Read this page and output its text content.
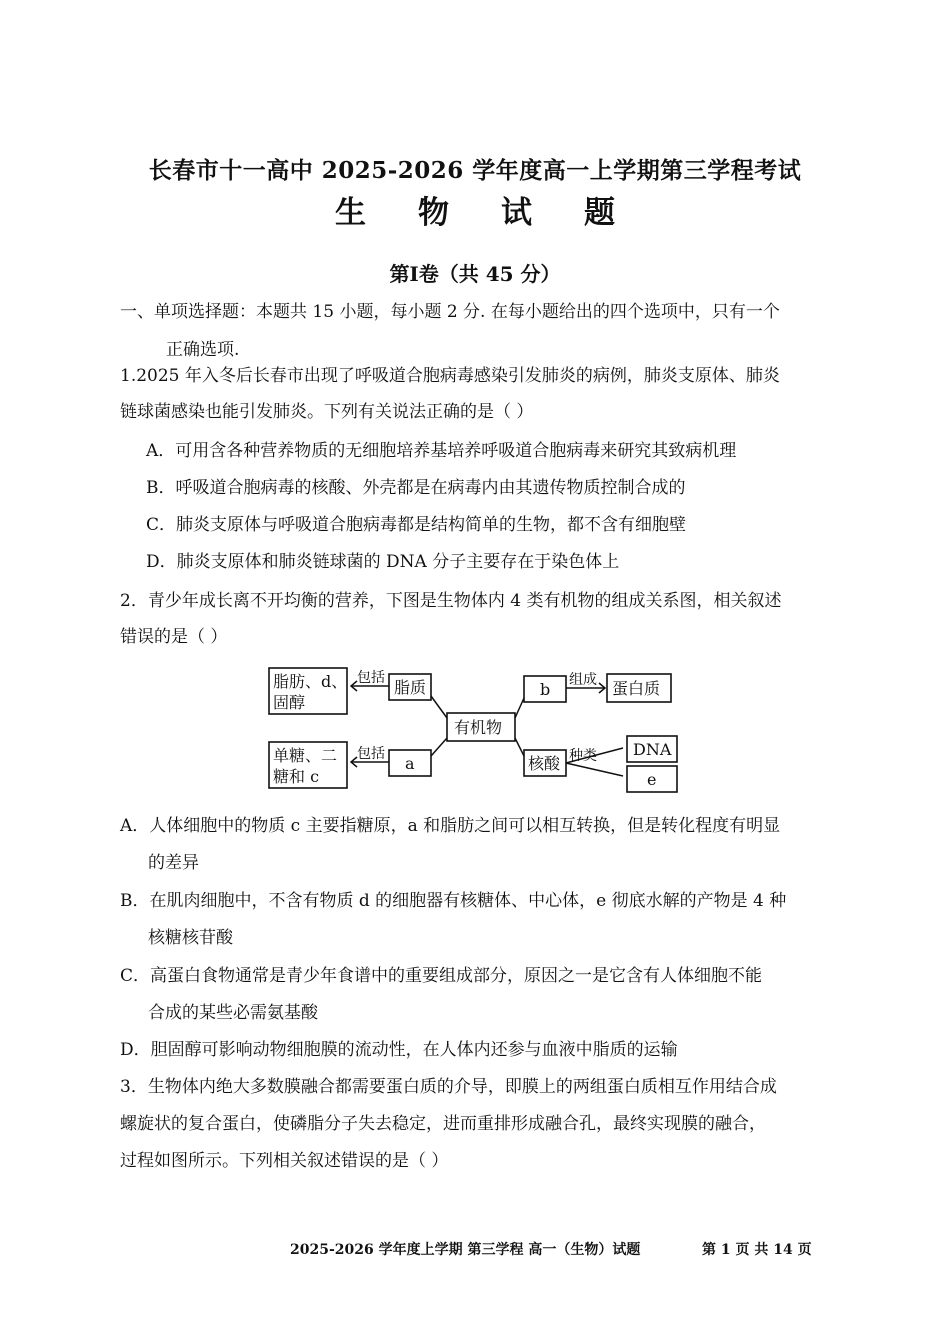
长春市十一高中 2025-2026 学年度高一上学期第三学程考试
生物试题
第Ⅰ卷（共 45 分）
一、单项选择题：本题共 15 小题，每小题 2 分. 在每小题给出的四个选项中，只有一个
正确选项.
1.2025 年入冬后长春市出现了呼吸道合胞病毒感染引发肺炎的病例，肺炎支原体、肺炎
链球菌感染也能引发肺炎。下列有关说法正确的是（ ）
A．可用含各种营养物质的无细胞培养基培养呼吸道合胞病毒来研究其致病机理
B．呼吸道合胞病毒的核酸、外壳都是在病毒内由其遗传物质控制合成的
C．肺炎支原体与呼吸道合胞病毒都是结构简单的生物，都不含有细胞壁
D．肺炎支原体和肺炎链球菌的 DNA 分子主要存在于染色体上
2．青少年成长离不开均衡的营养，下图是生物体内 4 类有机物的组成关系图，相关叙述
错误的是（ ）
脂肪、d、
固醇
包括 脂质	b 组成 蛋白质
有机物
单糖、二
糖和 c
包括 a	核酸 种类 DNA
e
A．人体细胞中的物质 c 主要指糖原，a 和脂肪之间可以相互转换，但是转化程度有明显
的差异
B．在肌肉细胞中，不含有物质 d 的细胞器有核糖体、中心体，e 彻底水解的产物是 4 种
核糖核苷酸
C．高蛋白食物通常是青少年食谱中的重要组成部分，原因之一是它含有人体细胞不能
合成的某些必需氨基酸
D．胆固醇可影响动物细胞膜的流动性，在人体内还参与血液中脂质的运输
3．生物体内绝大多数膜融合都需要蛋白质的介导，即膜上的两组蛋白质相互作用结合成
螺旋状的复合蛋白，使磷脂分子失去稳定，进而重排形成融合孔，最终实现膜的融合，
过程如图所示。下列相关叙述错误的是（ ）
2025-2026 学年度上学期 第三学程 高一（生物）试题	第 1 页 共 14 页
